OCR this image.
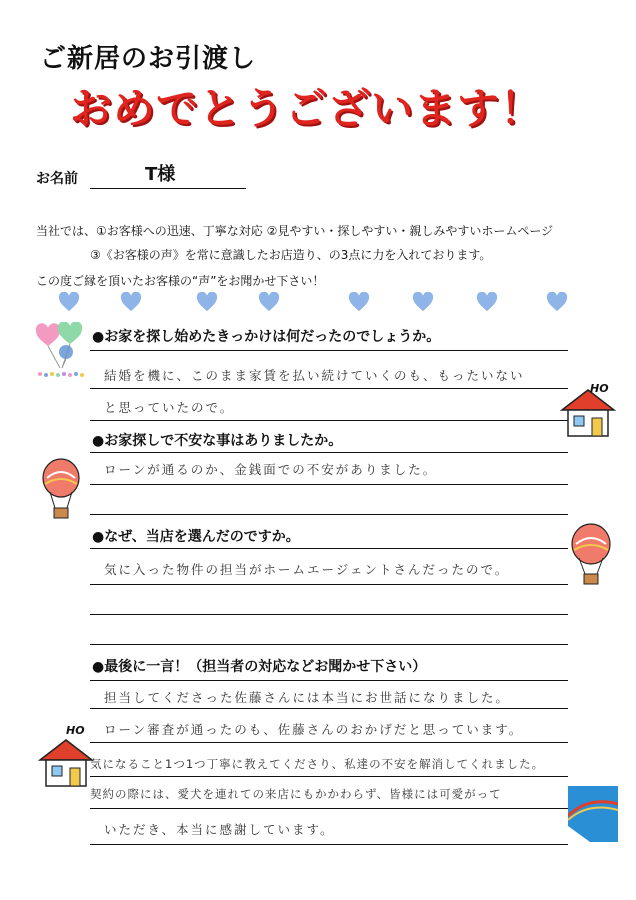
ご新居のお引渡し
おめでとうございます！
お名前	T様
当社では、①お客様への迅速、丁寧な対応 ②見やすい・探しやすい・親しみやすいホームページ
③《お客様の声》を常に意識したお店造り、の3点に力を入れております。
この度ご縁を頂いたお客様の“声”をお聞かせ下さい！
HO
HO
●お家を探し始めたきっかけは何だったのでしょうか。
結婚を機に、このまま家賃を払い続けていくのも、もったいない
と思っていたので。
●お家探しで不安な事はありましたか。
ローンが通るのか、金銭面での不安がありました。
●なぜ、当店を選んだのですか。
気に入った物件の担当がホームエージェントさんだったので。
●最後に一言！（担当者の対応などお聞かせ下さい）
担当してくださった佐藤さんには本当にお世話になりました。
ローン審査が通ったのも、佐藤さんのおかげだと思っています。
気になること1つ1つ丁寧に教えてくださり、私達の不安を解消してくれました。
契約の際には、愛犬を連れての来店にもかかわらず、皆様には可愛がって
いただき、本当に感謝しています。
